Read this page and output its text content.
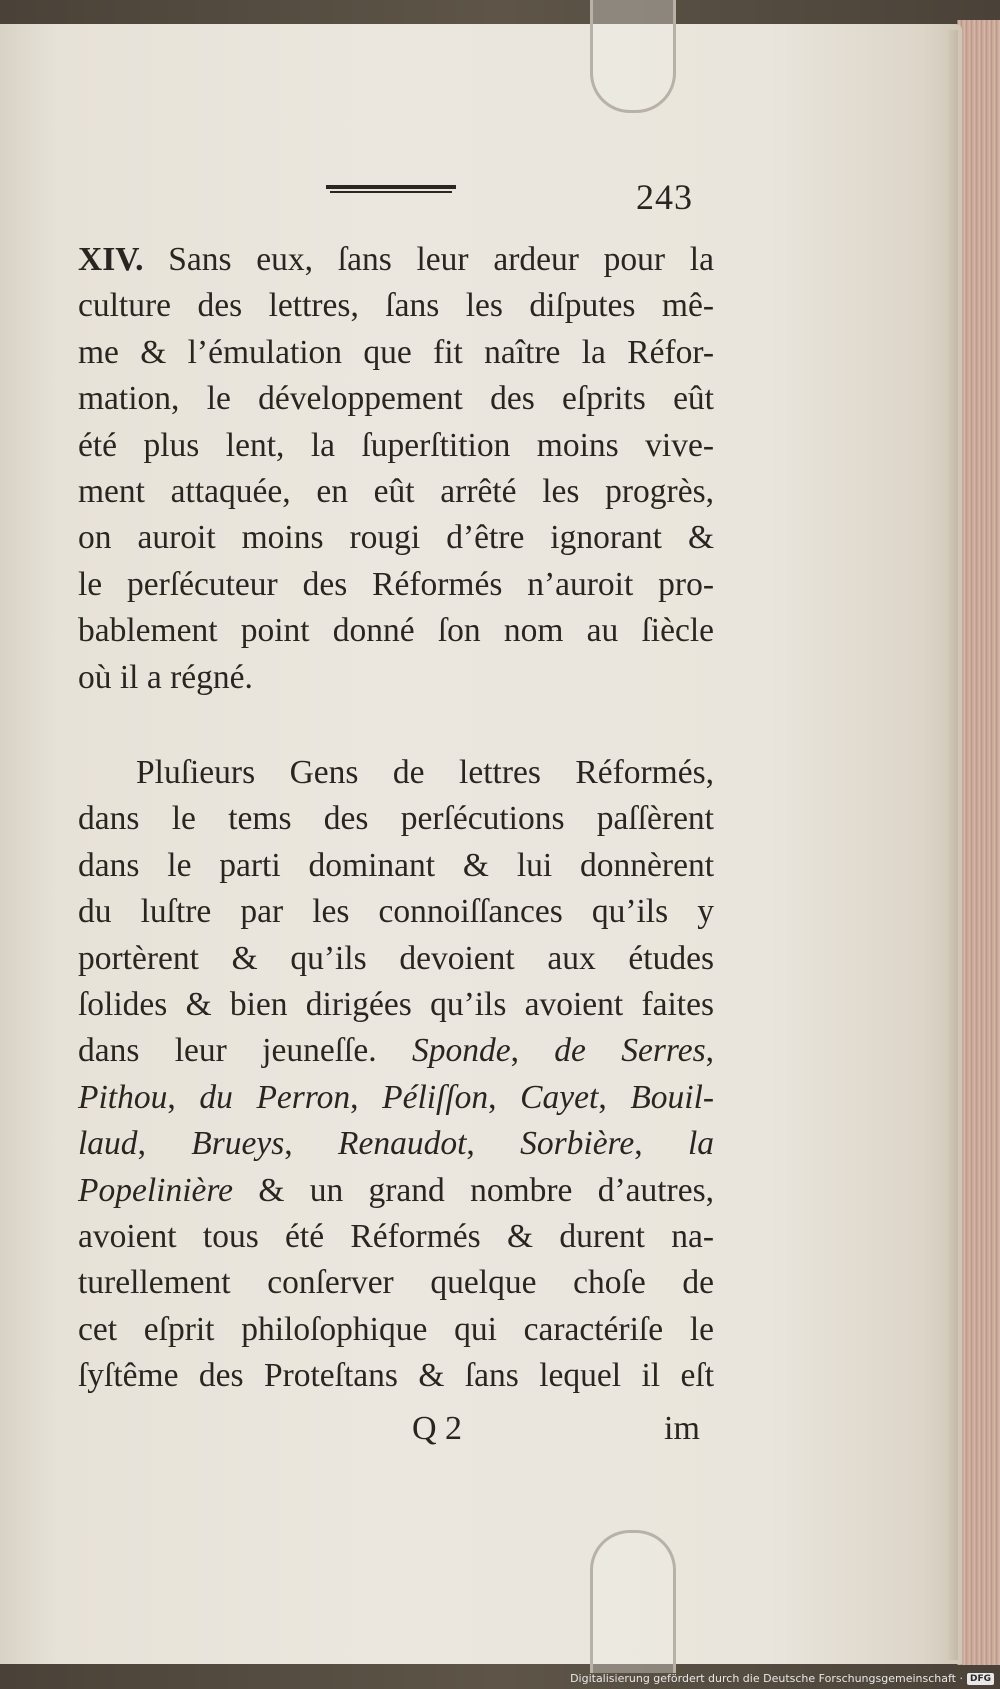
243
XIV. Sans eux, ſans leur ardeur pour la
culture des lettres, ſans les diſputes mê-
me & l’émulation que fit naître la Réfor-
mation, le développement des eſprits eût
été plus lent, la ſuperſtition moins vive-
ment attaquée, en eût arrêté les progrès,
on auroit moins rougi d’être ignorant &
le perſécuteur des Réformés n’auroit pro-
bablement point donné ſon nom au ſiècle
où il a régné.
Pluſieurs Gens de lettres Réformés,
dans le tems des perſécutions paſſèrent
dans le parti dominant & lui donnèrent
du luſtre par les connoiſſances qu’ils y
portèrent & qu’ils devoient aux études
ſolides & bien dirigées qu’ils avoient faites
dans leur jeuneſſe. Sponde, de Serres,
Pithou, du Perron, Péliſſon, Cayet, Bouil-
laud, Brueys, Renaudot, Sorbière, la
Popelinière & un grand nombre d’autres,
avoient tous été Réformés & durent na-
turellement conſerver quelque choſe de
cet eſprit philoſophique qui caractériſe le
ſyſtême des Proteſtans & ſans lequel il eſt
Q 2	im
Digitalisierung gefördert durch die Deutsche Forschungsgemeinschaft · DFG
